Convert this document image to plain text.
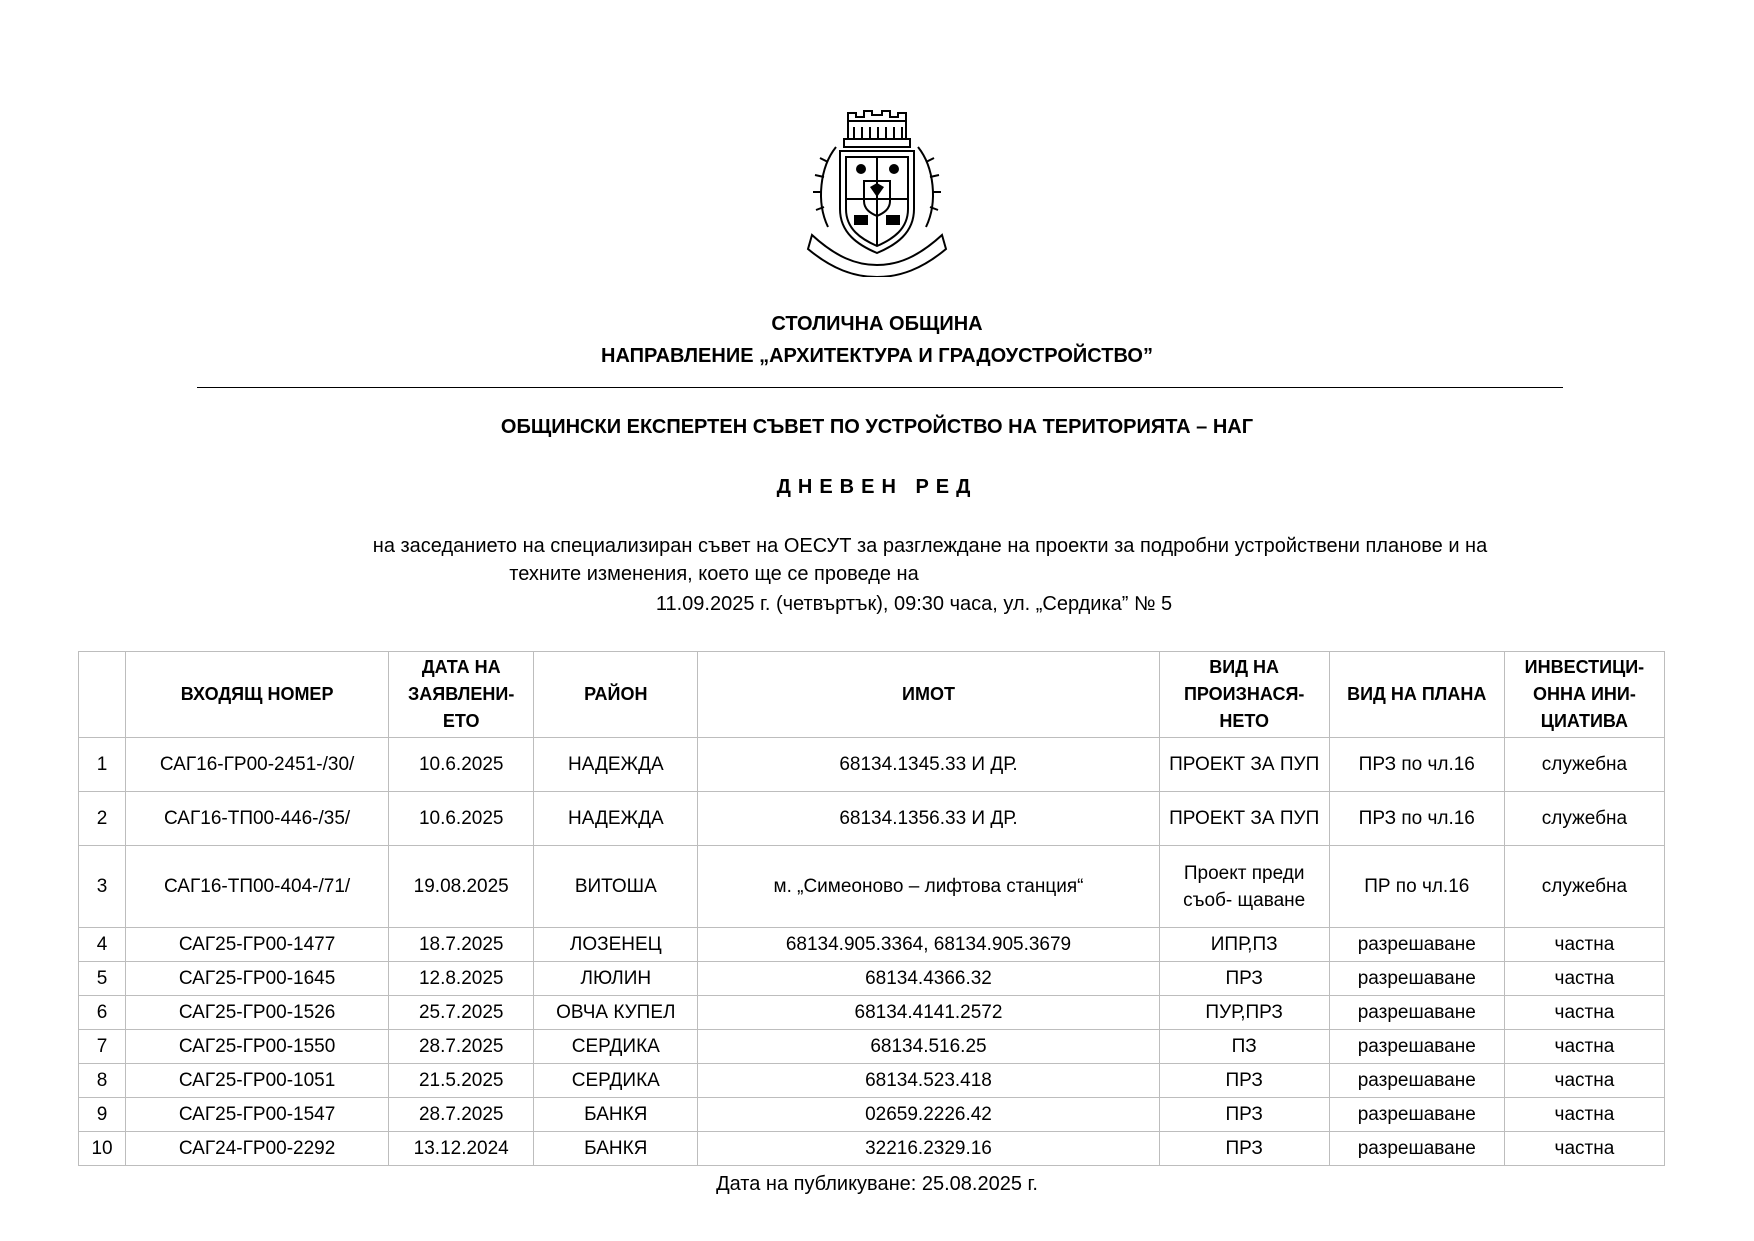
СТОЛИЧНА ОБЩИНА
НАПРАВЛЕНИЕ „АРХИТЕКТУРА И ГРАДОУСТРОЙСТВО”
ОБЩИНСКИ ЕКСПЕРТЕН СЪВЕТ ПО УСТРОЙСТВО НА ТЕРИТОРИЯТА – НАГ
ДНЕВЕН РЕД
на заседанието на специализиран съвет на ОЕСУТ за разглеждане на проекти за подробни устройствени планове и на
техните изменения, което ще се проведе на
11.09.2025 г. (четвъртък), 09:30 часа, ул. „Сердика” № 5
	ВХОДЯЩ НОМЕР	ДАТА НА ЗАЯВЛЕНИ- ЕТО	РАЙОН	ИМОТ	ВИД НА ПРОИЗНАСЯ- НЕТО	ВИД НА ПЛАНА	ИНВЕСТИЦИ- ОННА ИНИ- ЦИАТИВА
1	САГ16-ГР00-2451-/30/	10.6.2025	НАДЕЖДА	68134.1345.33 И ДР.	ПРОЕКТ ЗА ПУП	ПРЗ по чл.16	служебна
2	САГ16-ТП00-446-/35/	10.6.2025	НАДЕЖДА	68134.1356.33 И ДР.	ПРОЕКТ ЗА ПУП	ПРЗ по чл.16	служебна
3	САГ16-ТП00-404-/71/	19.08.2025	ВИТОША	м. „Симеоново – лифтова станция“	Проект преди съоб- щаване	ПР по чл.16	служебна
4	САГ25-ГР00-1477	18.7.2025	ЛОЗЕНЕЦ	68134.905.3364, 68134.905.3679	ИПР,ПЗ	разрешаване	частна
5	САГ25-ГР00-1645	12.8.2025	ЛЮЛИН	68134.4366.32	ПРЗ	разрешаване	частна
6	САГ25-ГР00-1526	25.7.2025	ОВЧА КУПЕЛ	68134.4141.2572	ПУР,ПРЗ	разрешаване	частна
7	САГ25-ГР00-1550	28.7.2025	СЕРДИКА	68134.516.25	ПЗ	разрешаване	частна
8	САГ25-ГР00-1051	21.5.2025	СЕРДИКА	68134.523.418	ПРЗ	разрешаване	частна
9	САГ25-ГР00-1547	28.7.2025	БАНКЯ	02659.2226.42	ПРЗ	разрешаване	частна
10	САГ24-ГР00-2292	13.12.2024	БАНКЯ	32216.2329.16	ПРЗ	разрешаване	частна
Дата на публикуване: 25.08.2025 г.
